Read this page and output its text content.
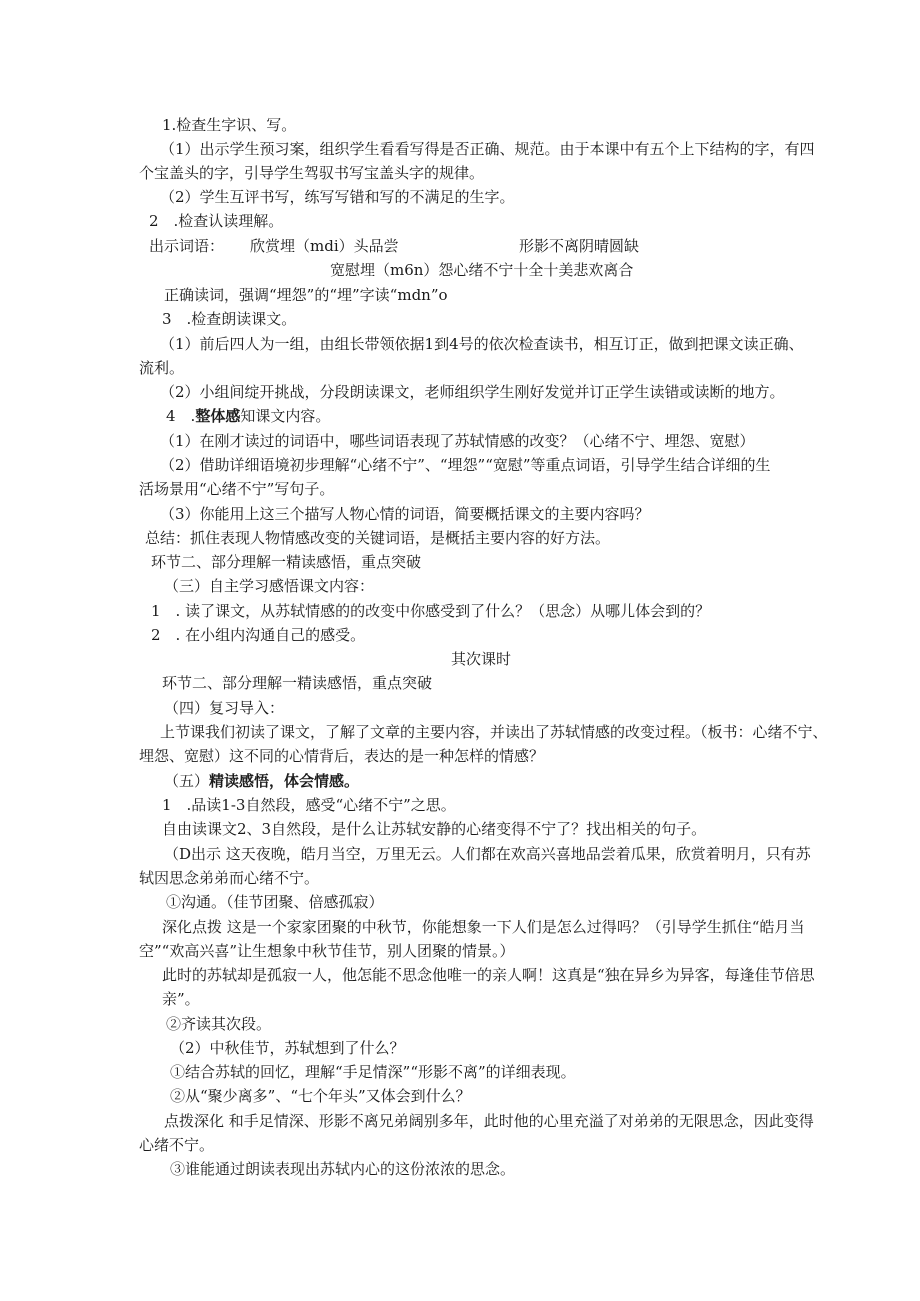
1.检查生字识、写。
（1）出示学生预习案，组织学生看看写得是否正确、规范。由于本课中有五个上下结构的字，有四
个宝盖头的字，引导学生驾驭书写宝盖头字的规律。
（2）学生互评书写，练写写错和写的不满足的生字。
2　.检查认读理解。
出示词语： 欣赏埋（mdi）头品尝	形影不离阴晴圆缺
宽慰埋（m6n）怨心绪不宁十全十美悲欢离合
正确读词，强调“埋怨”的“埋”字读“mdn”o
3　.检查朗读课文。
（1）前后四人为一组，由组长带领依据1到4号的依次检查读书，相互订正，做到把课文读正确、
流利。
（2）小组间绽开挑战，分段朗读课文，老师组织学生刚好发觉并订正学生读错或读断的地方。
4　.整体感知课文内容。
（1）在刚才读过的词语中，哪些词语表现了苏轼情感的改变？（心绪不宁、埋怨、宽慰）
（2）借助详细语境初步理解“心绪不宁”、“埋怨”“宽慰”等重点词语，引导学生结合详细的生
活场景用“心绪不宁”写句子。
（3）你能用上这三个描写人物心情的词语，简要概括课文的主要内容吗？
总结：抓住表现人物情感改变的关键词语，是概括主要内容的好方法。
环节二、部分理解一精读感悟，重点突破
（三）自主学习感悟课文内容：
1　. 读了课文，从苏轼情感的的改变中你感受到了什么？（思念）从哪儿体会到的？
2　. 在小组内沟通自己的感受。
其次课时
环节二、部分理解一精读感悟，重点突破
（四）复习导入：
上节课我们初读了课文，了解了文章的主要内容，并读出了苏轼情感的改变过程。（板书：心绪不宁、
埋怨、宽慰）这不同的心情背后，表达的是一种怎样的情感？
（五）精读感悟，体会情感。
1　.品读1-3自然段，感受“心绪不宁”之思。
自由读课文2、3自然段，是什么让苏轼安静的心绪变得不宁了？找出相关的句子。
（D出示 这天夜晚，皓月当空，万里无云。人们都在欢高兴喜地品尝着瓜果，欣赏着明月，只有苏
轼因思念弟弟而心绪不宁。
①沟通。（佳节团聚、倍感孤寂）
深化点拨 这是一个家家团聚的中秋节，你能想象一下人们是怎么过得吗？（引导学生抓住“皓月当
空”“欢高兴喜”让生想象中秋节佳节，别人团聚的情景。）
此时的苏轼却是孤寂一人，他怎能不思念他唯一的亲人啊！这真是“独在异乡为异客，每逢佳节倍思
亲”。
②齐读其次段。
（2）中秋佳节，苏轼想到了什么？
①结合苏轼的回忆，理解“手足情深”“形影不离”的详细表现。
②从“聚少离多”、“七个年头”又体会到什么？
点拨深化 和手足情深、形影不离兄弟阔别多年，此时他的心里充溢了对弟弟的无限思念，因此变得
心绪不宁。
③谁能通过朗读表现出苏轼内心的这份浓浓的思念。
